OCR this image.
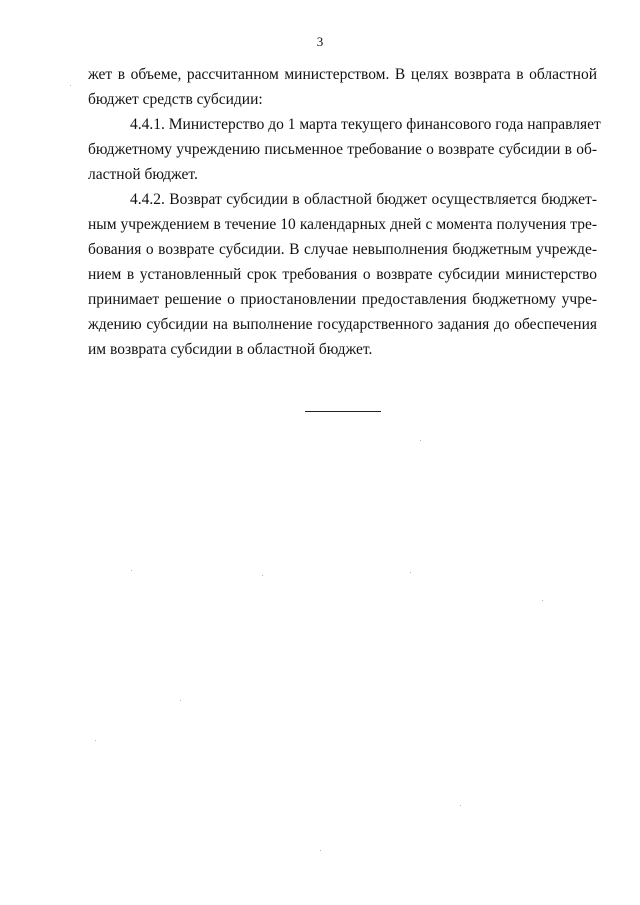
3
жет в объеме, рассчитанном министерством. В целях возврата в областной
бюджет средств субсидии:
4.4.1. Министерство до 1 марта текущего финансового года направляет
бюджетному учреждению письменное требование о возврате субсидии в об-
ластной бюджет.
4.4.2. Возврат субсидии в областной бюджет осуществляется бюджет-
ным учреждением в течение 10 календарных дней с момента получения тре-
бования о возврате субсидии. В случае невыполнения бюджетным учрежде-
нием в установленный срок требования о возврате субсидии министерство
принимает решение о приостановлении предоставления бюджетному учре-
ждению субсидии на выполнение государственного задания до обеспечения
им возврата субсидии в областной бюджет.
